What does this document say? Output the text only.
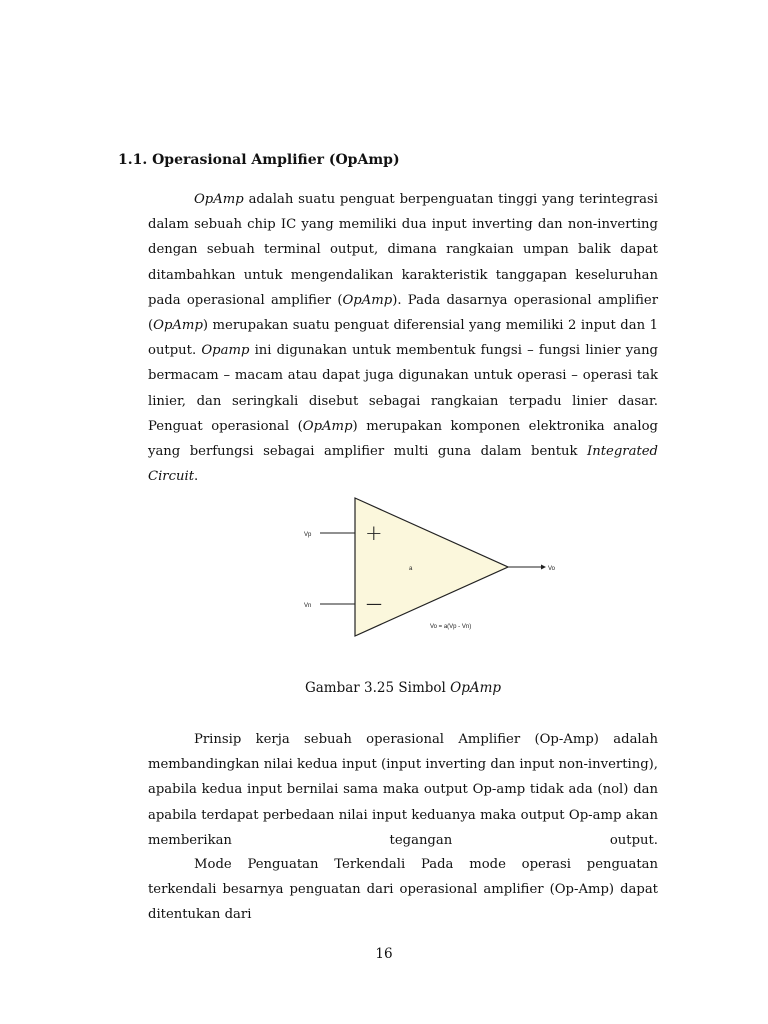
1.1. Operasional Amplifier (OpAmp)

OpAmp adalah suatu penguat berpenguatan tinggi yang terintegrasi dalam sebuah chip IC yang memiliki dua input inverting dan non-inverting dengan sebuah terminal output, dimana rangkaian umpan balik dapat ditambahkan untuk mengendalikan karakteristik tanggapan keseluruhan pada operasional amplifier (OpAmp). Pada dasarnya operasional amplifier (OpAmp) merupakan suatu penguat diferensial yang memiliki 2 input dan 1 output. Opamp ini digunakan untuk membentuk fungsi – fungsi linier yang bermacam – macam atau dapat juga digunakan untuk operasi – operasi tak linier, dan seringkali disebut sebagai rangkaian terpadu linier dasar. Penguat operasional (OpAmp) merupakan komponen elektronika analog yang berfungsi sebagai amplifier multi guna dalam bentuk Integrated Circuit.

Vp
Vn
Vo
+
—
a
Vo = a(Vp - Vn)

Gambar 3.25 Simbol OpAmp

Prinsip kerja sebuah operasional Amplifier (Op-Amp) adalah membandingkan nilai kedua input (input inverting dan input non-inverting), apabila kedua input bernilai sama maka output Op-amp tidak ada (nol) dan apabila terdapat perbedaan nilai input keduanya maka output Op-amp akan memberikan tegangan output.

Mode Penguatan Terkendali Pada mode operasi penguatan terkendali besarnya penguatan dari operasional amplifier (Op-Amp) dapat ditentukan dari

16
